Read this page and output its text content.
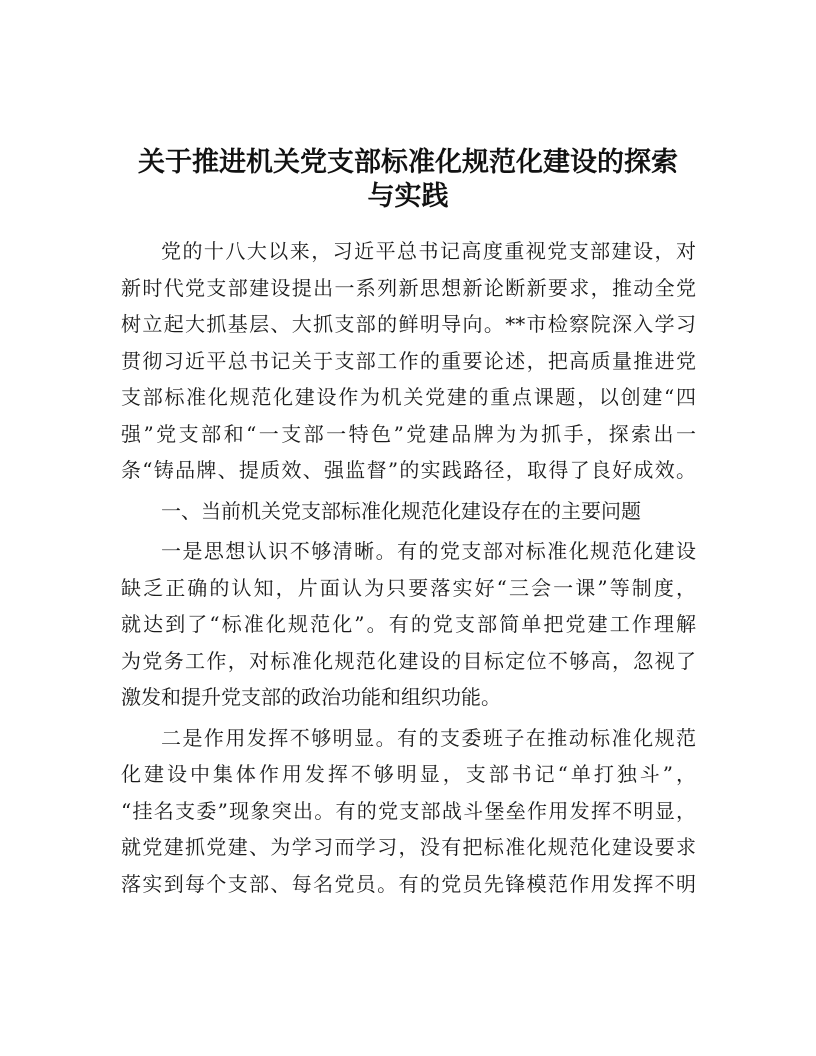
关于推进机关党支部标准化规范化建设的探索
与实践

党的十八大以来，习近平总书记高度重视党支部建设，对
新时代党支部建设提出一系列新思想新论断新要求，推动全党
树立起大抓基层、大抓支部的鲜明导向。**市检察院深入学习
贯彻习近平总书记关于支部工作的重要论述，把高质量推进党
支部标准化规范化建设作为机关党建的重点课题，以创建“四
强”党支部和“一支部一特色”党建品牌为为抓手，探索出一
条“铸品牌、提质效、强监督”的实践路径，取得了良好成效。

一、当前机关党支部标准化规范化建设存在的主要问题

一是思想认识不够清晰。有的党支部对标准化规范化建设
缺乏正确的认知，片面认为只要落实好“三会一课”等制度，
就达到了“标准化规范化”。有的党支部简单把党建工作理解
为党务工作，对标准化规范化建设的目标定位不够高，忽视了
激发和提升党支部的政治功能和组织功能。

二是作用发挥不够明显。有的支委班子在推动标准化规范
化建设中集体作用发挥不够明显，支部书记“单打独斗”，
“挂名支委”现象突出。有的党支部战斗堡垒作用发挥不明显，
就党建抓党建、为学习而学习，没有把标准化规范化建设要求
落实到每个支部、每名党员。有的党员先锋模范作用发挥不明
